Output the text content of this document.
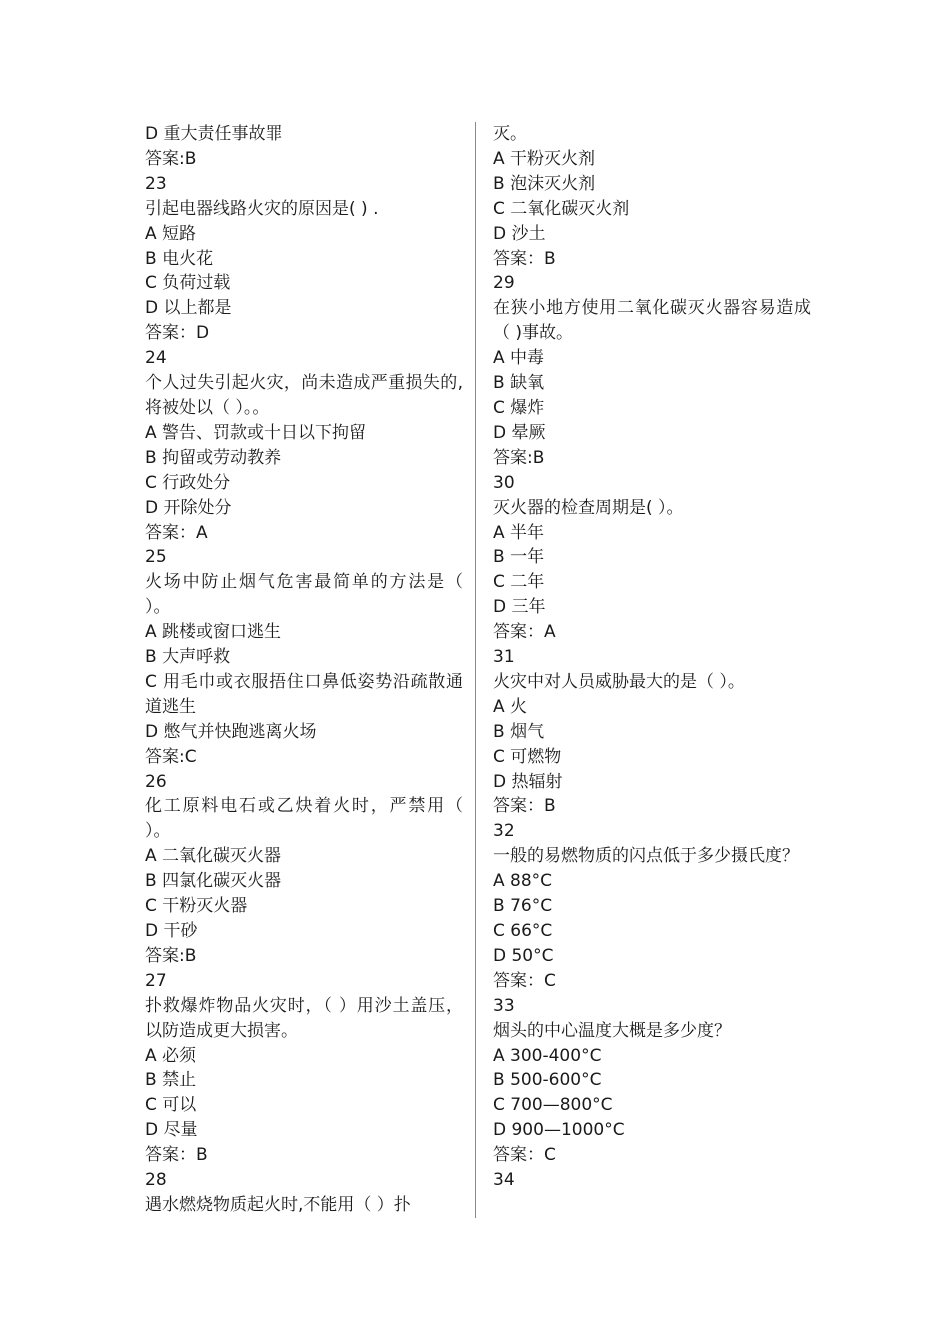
D 重大责任事故罪
答案:B
23
引起电器线路火灾的原因是( ) .
A 短路
B 电火花
C 负荷过载
D 以上都是
答案：D
24
个人过失引起火灾，尚未造成严重损失的,将被处以（ ）。。
A 警告、罚款或十日以下拘留
B 拘留或劳动教养
C 行政处分
D 开除处分
答案：A
25
火场中防止烟气危害最简单的方法是（ ）。
A 跳楼或窗口逃生
B 大声呼救
C 用毛巾或衣服捂住口鼻低姿势沿疏散通道逃生
D 憋气并快跑逃离火场
答案:C
26
化工原料电石或乙炔着火时，严禁用（ ）。
A 二氧化碳灭火器
B 四氯化碳灭火器
C 干粉灭火器
D 干砂
答案:B
27
扑救爆炸物品火灾时，（ ）用沙土盖压，以防造成更大损害。
A 必须
B 禁止
C 可以
D 尽量
答案：B
28
遇水燃烧物质起火时,不能用（ ）扑
灭。
A 干粉灭火剂
B 泡沫灭火剂
C 二氧化碳灭火剂
D 沙土
答案：B
29
在狭小地方使用二氧化碳灭火器容易造成（ )事故。
A 中毒
B 缺氧
C 爆炸
D 晕厥
答案:B
30
灭火器的检查周期是( ）。
A 半年
B 一年
C 二年
D 三年
答案：A
31
火灾中对人员威胁最大的是（ ）。
A 火
B 烟气
C 可燃物
D 热辐射
答案：B
32
一般的易燃物质的闪点低于多少摄氏度？
A 88°C
B 76°C
C 66°C
D 50°C
答案：C
33
烟头的中心温度大概是多少度？
A 300-400°C
B 500-600°C
C 700—800°C
D 900—1000°C
答案：C
34
